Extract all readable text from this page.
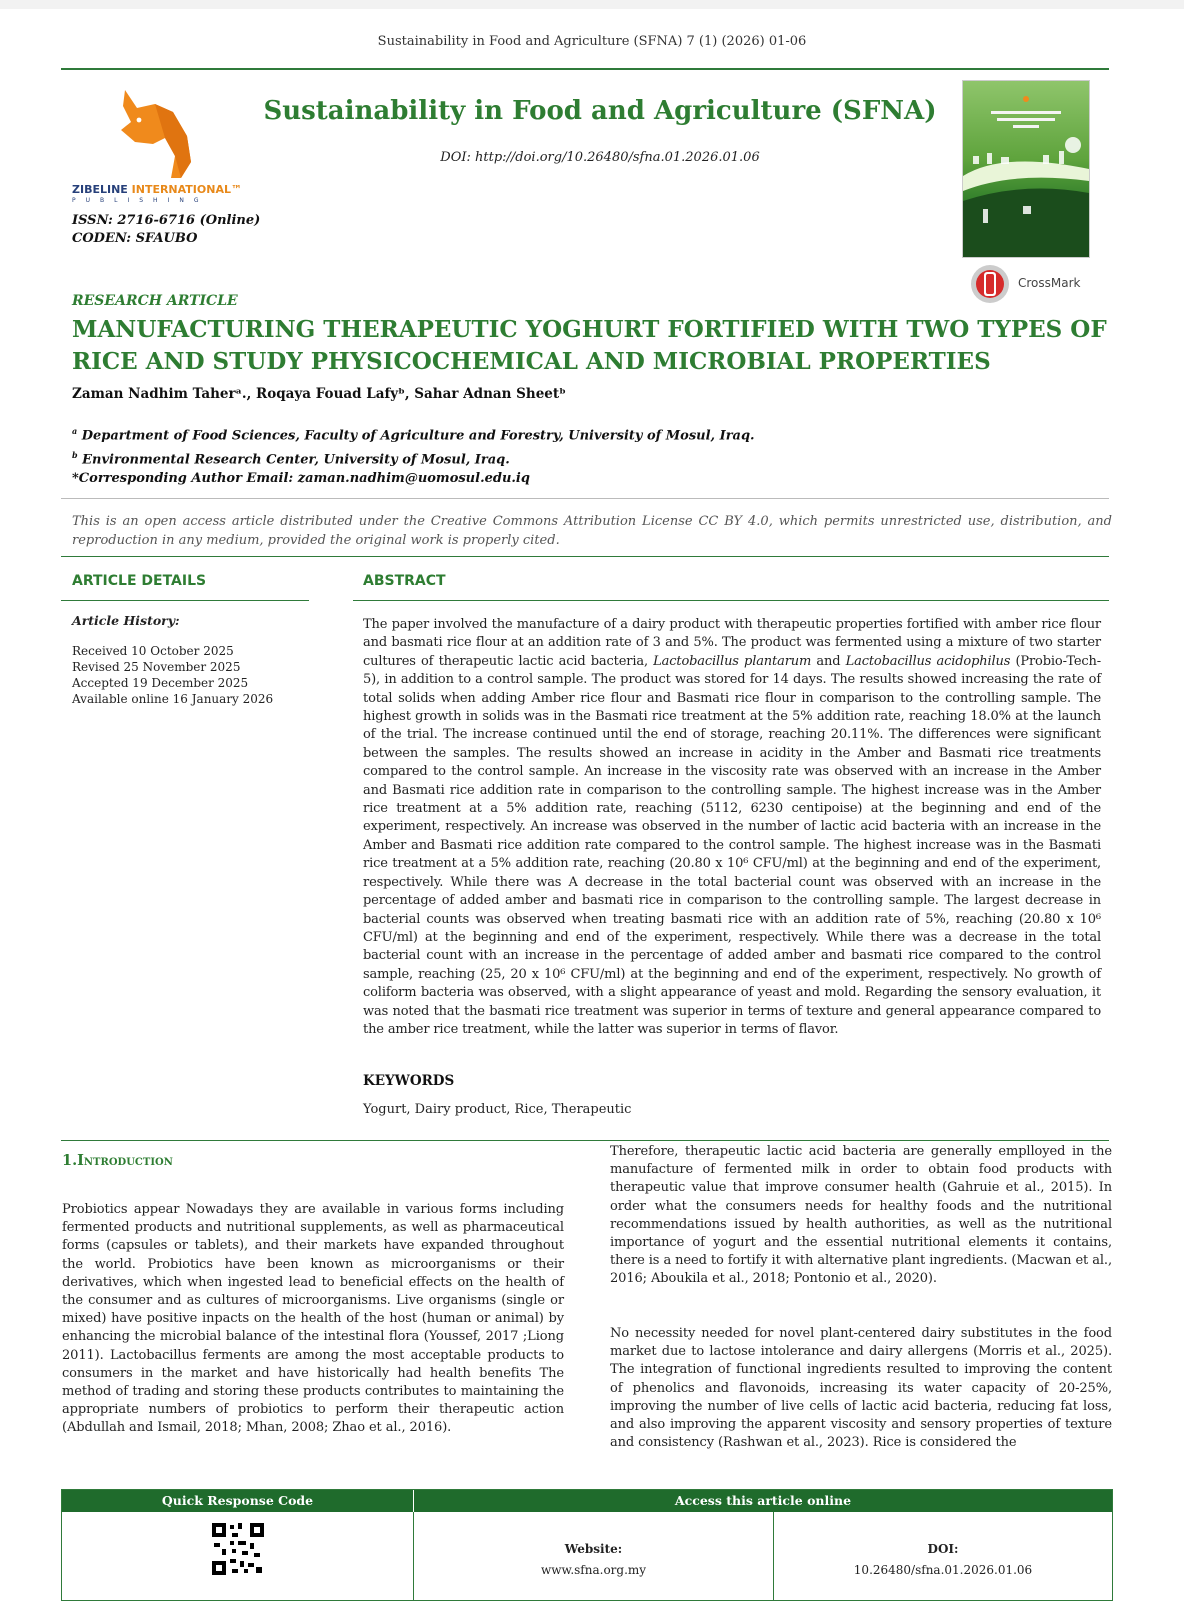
Sustainability in Food and Agriculture (SFNA) 7 (1) (2026) 01-06
ZIBELINE INTERNATIONAL™
PUBLISHING
ISSN: 2716-6716 (Online)
CODEN: SFAUBO
Sustainability in Food and Agriculture (SFNA)
DOI: http://doi.org/10.26480/sfna.01.2026.01.06
CrossMark
RESEARCH ARTICLE
MANUFACTURING THERAPEUTIC YOGHURT FORTIFIED WITH TWO TYPES OF RICE AND STUDY PHYSICOCHEMICAL AND MICROBIAL PROPERTIES
Zaman Nadhim Taherᵃ., Roqaya Fouad Lafyᵇ, Sahar Adnan Sheetᵇ
$^a$ Department of Food Sciences, Faculty of Agriculture and Forestry, University of Mosul, Iraq.
$^b$ Environmental Research Center, University of Mosul, Iraq.
*Corresponding Author Email: zaman.nadhim@uomosul.edu.iq
This is an open access article distributed under the Creative Commons Attribution License CC BY 4.0, which permits unrestricted use, distribution, and reproduction in any medium, provided the original work is properly cited.
ARTICLE DETAILS
Article History:
Received 10 October 2025
Revised 25 November 2025
Accepted 19 December 2025
Available online 16 January 2026
ABSTRACT
The paper involved the manufacture of a dairy product with therapeutic properties fortified with amber rice flour and basmati rice flour at an addition rate of 3 and 5%. The product was fermented using a mixture of two starter cultures of therapeutic lactic acid bacteria, Lactobacillus plantarum and Lactobacillus acidophilus (Probio-Tech-5), in addition to a control sample. The product was stored for 14 days. The results showed increasing the rate of total solids when adding Amber rice flour and Basmati rice flour in comparison to the controlling sample. The highest growth in solids was in the Basmati rice treatment at the 5% addition rate, reaching 18.0% at the launch of the trial. The increase continued until the end of storage, reaching 20.11%. The differences were significant between the samples. The results showed an increase in acidity in the Amber and Basmati rice treatments compared to the control sample. An increase in the viscosity rate was observed with an increase in the Amber and Basmati rice addition rate in comparison to the controlling sample. The highest increase was in the Amber rice treatment at a 5% addition rate, reaching (5112, 6230 centipoise) at the beginning and end of the experiment, respectively. An increase was observed in the number of lactic acid bacteria with an increase in the Amber and Basmati rice addition rate compared to the control sample. The highest increase was in the Basmati rice treatment at a 5% addition rate, reaching (20.80 x 10⁶ CFU/ml) at the beginning and end of the experiment, respectively. While there was A decrease in the total bacterial count was observed with an increase in the percentage of added amber and basmati rice in comparison to the controlling sample. The largest decrease in bacterial counts was observed when treating basmati rice with an addition rate of 5%, reaching (20.80 x 10⁶ CFU/ml) at the beginning and end of the experiment, respectively. While there was a decrease in the total bacterial count with an increase in the percentage of added amber and basmati rice compared to the control sample, reaching (25, 20 x 10⁶ CFU/ml) at the beginning and end of the experiment, respectively. No growth of coliform bacteria was observed, with a slight appearance of yeast and mold. Regarding the sensory evaluation, it was noted that the basmati rice treatment was superior in terms of texture and general appearance compared to the amber rice treatment, while the latter was superior in terms of flavor.
KEYWORDS
Yogurt, Dairy product, Rice, Therapeutic
1.Introduction
Probiotics appear Nowadays they are available in various forms including fermented products and nutritional supplements, as well as pharmaceutical forms (capsules or tablets), and their markets have expanded throughout the world. Probiotics have been known as microorganisms or their derivatives, which when ingested lead to beneficial effects on the health of the consumer and as cultures of microorganisms. Live organisms (single or mixed) have positive inpacts on the health of the host (human or animal) by enhancing the microbial balance of the intestinal flora (Youssef, 2017 ;Liong 2011). Lactobacillus ferments are among the most acceptable products to consumers in the market and have historically had health benefits The method of trading and storing these products contributes to maintaining the appropriate numbers of probiotics to perform their therapeutic action (Abdullah and Ismail, 2018; Mhan, 2008; Zhao et al., 2016).
Therefore, therapeutic lactic acid bacteria are generally emplloyed in the manufacture of fermented milk in order to obtain food products with therapeutic value that improve consumer health (Gahruie et al., 2015). In order what the consumers needs for healthy foods and the nutritional recommendations issued by health authorities, as well as the nutritional importance of yogurt and the essential nutritional elements it contains, there is a need to fortify it with alternative plant ingredients. (Macwan et al., 2016; Aboukila et al., 2018; Pontonio et al., 2020).
No necessity needed for novel plant-centered dairy substitutes in the food market due to lactose intolerance and dairy allergens (Morris et al., 2025). The integration of functional ingredients resulted to improving the content of phenolics and flavonoids, increasing its water capacity of 20-25%, improving the number of live cells of lactic acid bacteria, reducing fat loss, and also improving the apparent viscosity and sensory properties of texture and consistency (Rashwan et al., 2023). Rice is considered the
Quick Response Code	Access this article online
Website:
www.sfna.org.my
DOI:
10.26480/sfna.01.2026.01.06
